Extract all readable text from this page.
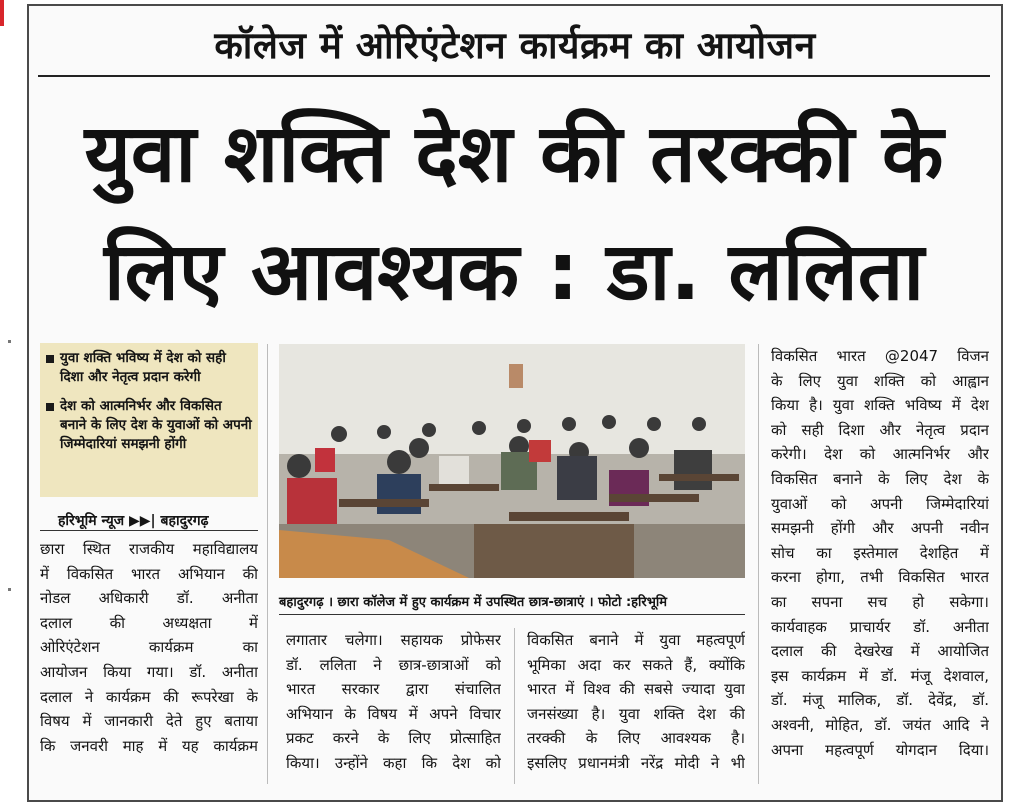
कॉलेज में ओरिएंटेशन कार्यक्रम का आयोजन
युवा शक्ति देश की तरक्की के
लिए आवश्यक : डा. ललिता
युवा शक्ति भविष्य में देश को सही दिशा और नेतृत्व प्रदान करेगी
देश को आत्मनिर्भर और विकसित बनाने के लिए देश के युवाओं को अपनी जिम्मेदारियां समझनी होंगी
हरिभूमि न्यूज ▶▶| बहादुरगढ़
बहादुरगढ़ । छारा कॉलेज में हुए कार्यक्रम में उपस्थित छात्र-छात्राएं । फोटो :हरिभूमि
छारा स्थित राजकीय महाविद्यालय
में विकसित भारत अभियान की
नोडल अधिकारी डॉ. अनीता
दलाल की अध्यक्षता में
ओरिएंटेशन कार्यक्रम का
आयोजन किया गया। डॉ. अनीता
दलाल ने कार्यक्रम की रूपरेखा के
विषय में जानकारी देते हुए बताया
कि जनवरी माह में यह कार्यक्रम
लगातार चलेगा। सहायक प्रोफेसर
डॉ. ललिता ने छात्र-छात्राओं को
भारत सरकार द्वारा संचालित
अभियान के विषय में अपने विचार
प्रकट करने के लिए प्रोत्साहित
किया। उन्होंने कहा कि देश को
विकसित बनाने में युवा महत्वपूर्ण
भूमिका अदा कर सकते हैं, क्योंकि
भारत में विश्व की सबसे ज्यादा युवा
जनसंख्या है। युवा शक्ति देश की
तरक्की के लिए आवश्यक है।
इसलिए प्रधानमंत्री नरेंद्र मोदी ने भी
विकसित भारत @2047 विजन
के लिए युवा शक्ति को आह्वान
किया है। युवा शक्ति भविष्य में देश
को सही दिशा और नेतृत्व प्रदान
करेगी। देश को आत्मनिर्भर और
विकसित बनाने के लिए देश के
युवाओं को अपनी जिम्मेदारियां
समझनी होंगी और अपनी नवीन
सोच का इस्तेमाल देशहित में
करना होगा, तभी विकसित भारत
का सपना सच हो सकेगा।
कार्यवाहक प्राचार्यर डॉ. अनीता
दलाल की देखरेख में आयोजित
इस कार्यक्रम में डॉ. मंजू देशवाल,
डॉ. मंजू मालिक, डॉ. देवेंद्र, डॉ.
अश्वनी, मोहित, डॉ. जयंत आदि ने
अपना महत्वपूर्ण योगदान दिया।
